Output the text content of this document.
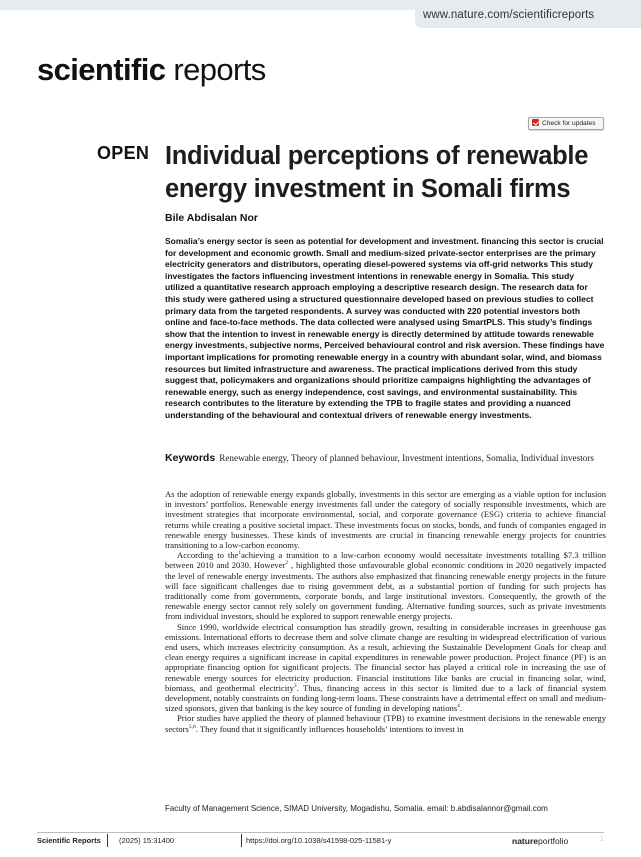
www.nature.com/scientificreports
scientific reports
Check for updates
OPEN Individual perceptions of renewable energy investment in Somali firms
Bile Abdisalan Nor
Somalia’s energy sector is seen as potential for development and investment. financing this sector is crucial for development and economic growth. Small and medium-sized private-sector enterprises are the primary electricity generators and distributors, operating diesel-powered systems via off-grid networks This study investigates the factors influencing investment intentions in renewable energy in Somalia. This study utilized a quantitative research approach employing a descriptive research design. The research data for this study were gathered using a structured questionnaire developed based on previous studies to collect primary data from the targeted respondents. A survey was conducted with 220 potential investors both online and face-to-face methods. The data collected were analysed using SmartPLS. This study’s findings show that the intention to invest in renewable energy is directly determined by attitude towards renewable energy investments, subjective norms, Perceived behavioural control and risk aversion. These findings have important implications for promoting renewable energy in a country with abundant solar, wind, and biomass resources but limited infrastructure and awareness. The practical implications derived from this study suggest that, policymakers and organizations should prioritize campaigns highlighting the advantages of renewable energy, such as energy independence, cost savings, and environmental sustainability. This research contributes to the literature by extending the TPB to fragile states and providing a nuanced understanding of the behavioural and contextual drivers of renewable energy investments.
Keywords Renewable energy, Theory of planned behaviour, Investment intentions, Somalia, Individual investors

As the adoption of renewable energy expands globally, investments in this sector are emerging as a viable option for inclusion in investors’ portfolios. Renewable energy investments fall under the category of socially responsible investments, which are investment strategies that incorporate environmental, social, and corporate governance (ESG) criteria to achieve financial returns while creating a positive societal impact. These investments focus on stocks, bonds, and funds of companies engaged in renewable energy businesses. These kinds of investments are crucial in financing renewable energy projects for countries transitioning to a low-carbon economy.

According to the$^1$achieving a transition to a low-carbon economy would necessitate investments totalling $7.3 trillion between 2010 and 2030. However$^2$ , highlighted those unfavourable global economic conditions in 2020 negatively impacted the level of renewable energy investments. The authors also emphasized that financing renewable energy projects in the future will face significant challenges due to rising government debt, as a substantial portion of funding for such projects has traditionally come from governments, corporate bonds, and large institutional investors. Consequently, the growth of the renewable energy sector cannot rely solely on government funding. Alternative funding sources, such as private investments from individual investors, should be explored to support renewable energy projects.

Since 1990, worldwide electrical consumption has steadily grown, resulting in considerable increases in greenhouse gas emissions. International efforts to decrease them and solve climate change are resulting in widespread electrification of various end users, which increases electricity consumption. As a result, achieving the Sustainable Development Goals for cheap and clean energy requires a significant increase in capital expenditures in renewable power production. Project finance (PF) is an appropriate financing option for significant projects. The financial sector has played a critical role in increasing the use of renewable energy sources for electricity production. Financial institutions like banks are crucial in financing solar, wind, biomass, and geothermal electricity$^3$. Thus, financing access in this sector is limited due to a lack of financial system development, notably constraints on funding long-term loans. These constraints have a detrimental effect on small and medium-sized sponsors, given that banking is the key source of funding in developing nations$^4$.

Prior studies have applied the theory of planned behaviour (TPB) to examine investment decisions in the renewable energy sectors$^{5,6}$. They found that it significantly influences households’ intentions to invest in

Faculty of Management Science, SIMAD University, Mogadishu, Somalia. email: b.abdisalannor@gmail.com
Scientific Reports (2025) 15:31400	https://doi.org/10.1038/s41598-025-11581-y	natureportfolio	1
